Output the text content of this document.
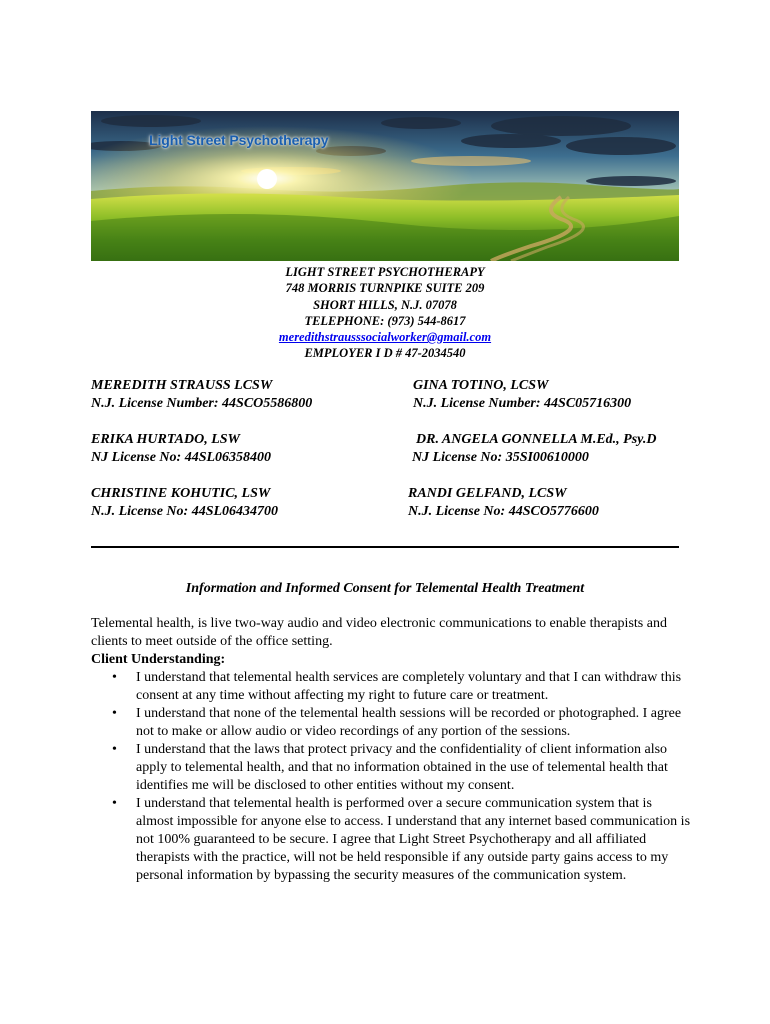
Light Street Psychotherapy
LIGHT STREET PSYCHOTHERAPY
748 MORRIS TURNPIKE SUITE 209
SHORT HILLS, N.J. 07078
TELEPHONE: (973) 544-8617
meredithstrausssocialworker@gmail.com
EMPLOYER I D # 47-2034540
MEREDITH STRAUSS LCSW
N.J. License Number: 44SCO5586800
GINA TOTINO, LCSW
N.J. License Number: 44SC05716300
ERIKA HURTADO, LSW
NJ License No: 44SL06358400
DR. ANGELA GONNELLA M.Ed., Psy.D
NJ License No: 35SI00610000
CHRISTINE KOHUTIC, LSW
N.J. License No: 44SL06434700
RANDI GELFAND, LCSW
N.J. License No: 44SCO5776600
Information and Informed Consent for Telemental Health Treatment

Telemental health, is live two-way audio and video electronic communications to enable therapists and clients to meet outside of the office setting.

Client Understanding:

• I understand that telemental health services are completely voluntary and that I can withdraw this consent at any time without affecting my right to future care or treatment.
• I understand that none of the telemental health sessions will be recorded or photographed. I agree not to make or allow audio or video recordings of any portion of the sessions.
• I understand that the laws that protect privacy and the confidentiality of client information also apply to telemental health, and that no information obtained in the use of telemental health that identifies me will be disclosed to other entities without my consent.
• I understand that telemental health is performed over a secure communication system that is almost impossible for anyone else to access. I understand that any internet based communication is not 100% guaranteed to be secure. I agree that Light Street Psychotherapy and all affiliated therapists with the practice, will not be held responsible if any outside party gains access to my personal information by bypassing the security measures of the communication system.
